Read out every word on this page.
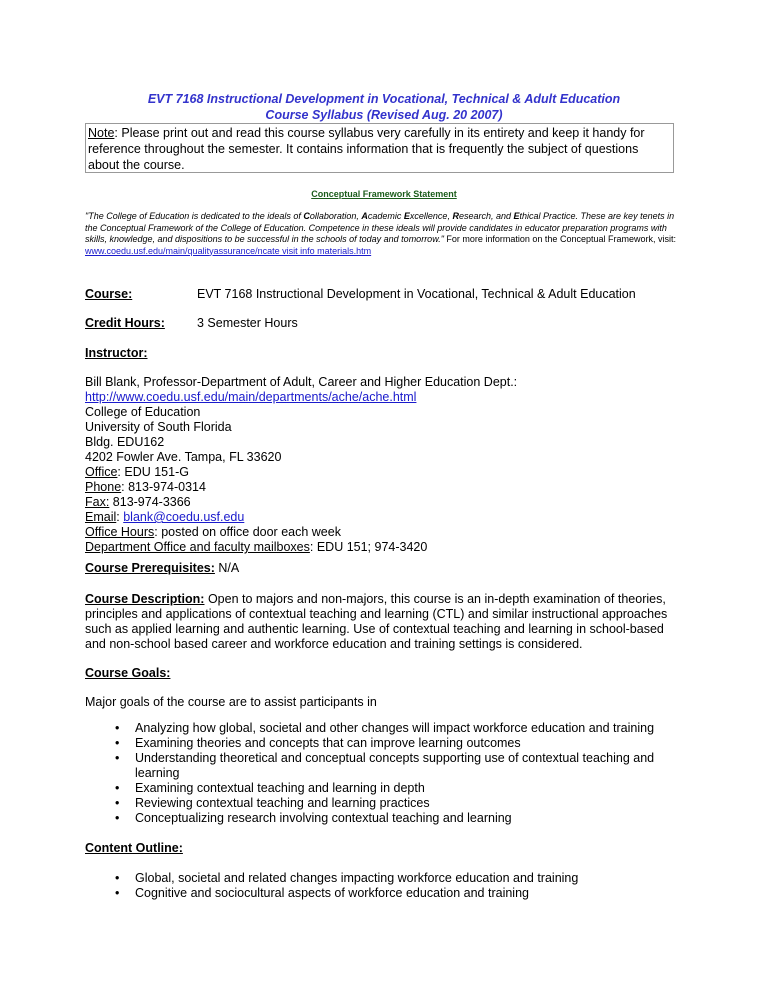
EVT 7168 Instructional Development in Vocational, Technical & Adult Education
Course Syllabus (Revised Aug. 20 2007)
Note: Please print out and read this course syllabus very carefully in its entirety and keep it handy for reference throughout the semester. It contains information that is frequently the subject of questions about the course.
Conceptual Framework Statement
"The College of Education is dedicated to the ideals of Collaboration, Academic Excellence, Research, and Ethical Practice. These are key tenets in the Conceptual Framework of the College of Education. Competence in these ideals will provide candidates in educator preparation programs with skills, knowledge, and dispositions to be successful in the schools of today and tomorrow." For more information on the Conceptual Framework, visit:
www.coedu.usf.edu/main/qualityassurance/ncate visit info materials.htm
Course:	EVT 7168 Instructional Development in Vocational, Technical & Adult Education
Credit Hours:	3 Semester Hours
Instructor:
Bill Blank, Professor-Department of Adult, Career and Higher Education Dept.:
http://www.coedu.usf.edu/main/departments/ache/ache.html
College of Education
University of South Florida
Bldg. EDU162
4202 Fowler Ave. Tampa, FL 33620
Office: EDU 151-G
Phone: 813-974-0314
Fax: 813-974-3366
Email: blank@coedu.usf.edu
Office Hours: posted on office door each week
Department Office and faculty mailboxes: EDU 151; 974-3420
Course Prerequisites: N/A
Course Description: Open to majors and non-majors, this course is an in-depth examination of theories, principles and applications of contextual teaching and learning (CTL) and similar instructional approaches such as applied learning and authentic learning. Use of contextual teaching and learning in school-based and non-school based career and workforce education and training settings is considered.
Course Goals:
Major goals of the course are to assist participants in
• Analyzing how global, societal and other changes will impact workforce education and training
• Examining theories and concepts that can improve learning outcomes
• Understanding theoretical and conceptual concepts supporting use of contextual teaching and learning
• Examining contextual teaching and learning in depth
• Reviewing contextual teaching and learning practices
• Conceptualizing research involving contextual teaching and learning
Content Outline:
• Global, societal and related changes impacting workforce education and training
• Cognitive and sociocultural aspects of workforce education and training
